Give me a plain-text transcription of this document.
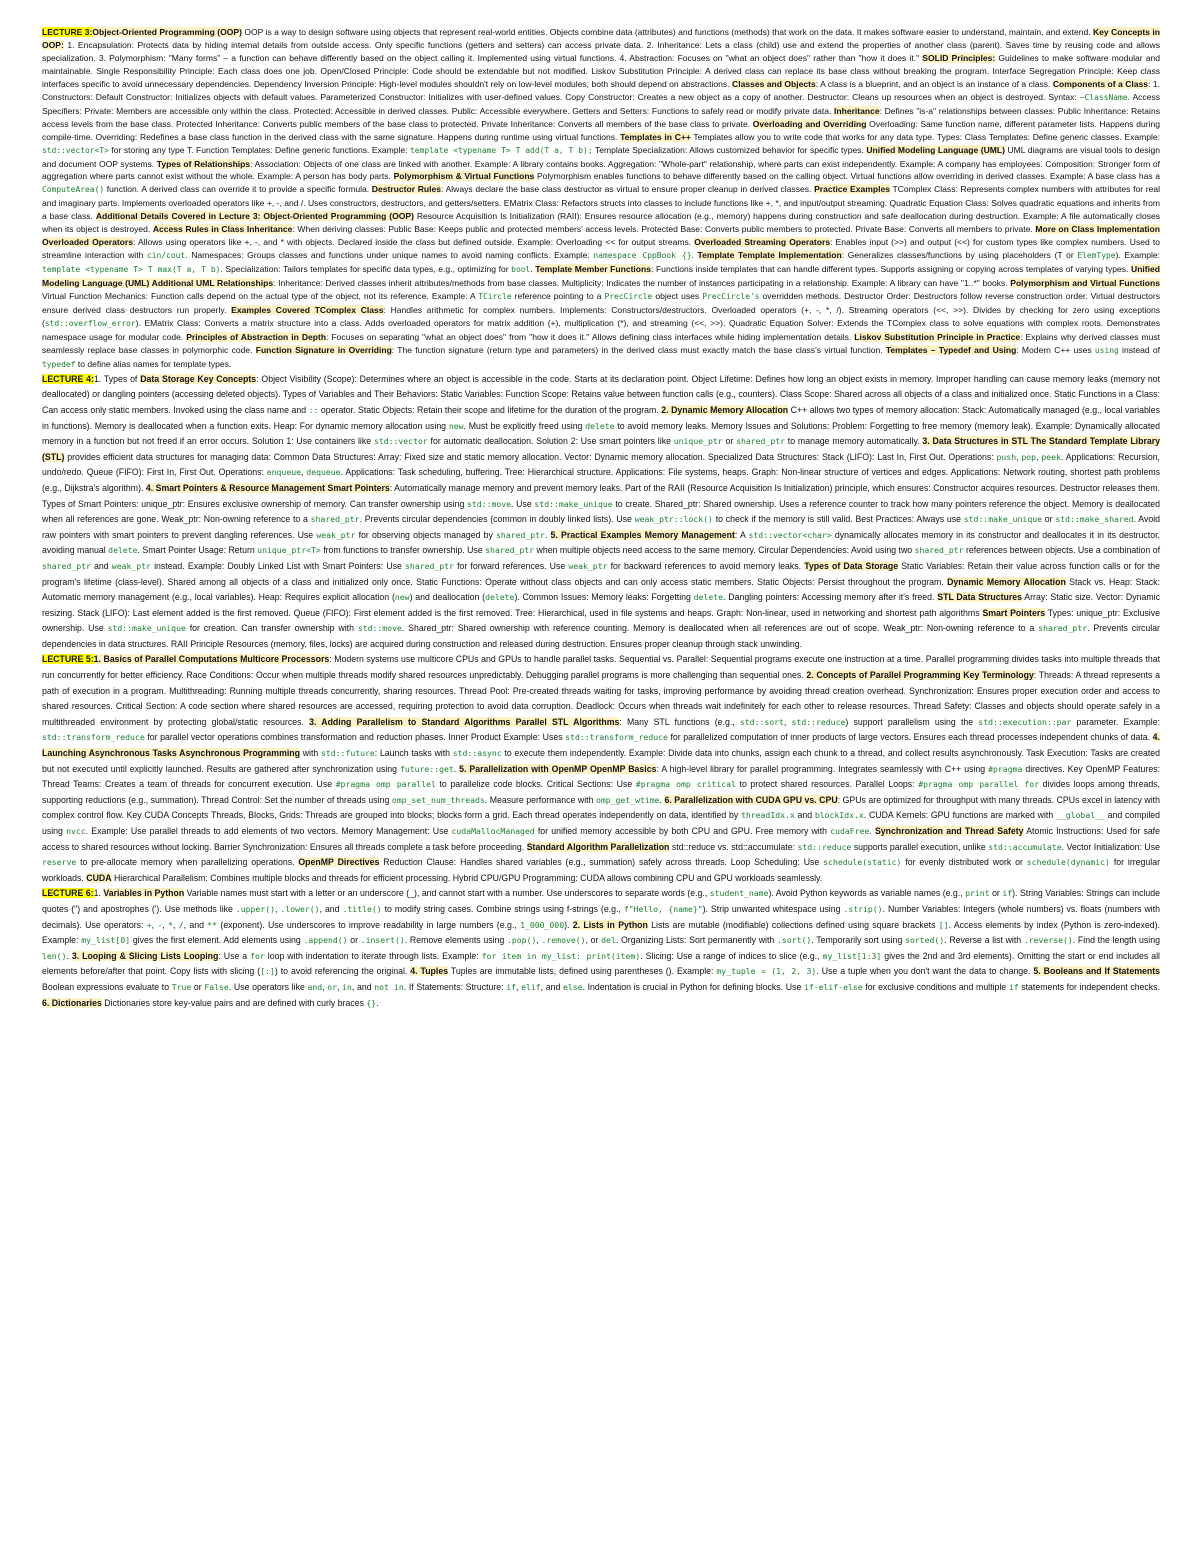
LECTURE 3:Object-Oriented Programming (OOP) OOP is a way to design software using objects that represent real-world entities. Objects combine data (attributes) and functions (methods) that work on the data. It makes software easier to understand, maintain, and extend. Key Concepts in OOP: 1. Encapsulation: Protects data by hiding internal details from outside access. Only specific functions (getters and setters) can access private data. 2. Inheritance: Lets a class (child) use and extend the properties of another class (parent). Saves time by reusing code and allows specialization. 3. Polymorphism: "Many forms" – a function can behave differently based on the object calling it. Implemented using virtual functions. 4. Abstraction: Focuses on "what an object does" rather than "how it does it." SOLID Principles: Guidelines to make software modular and maintainable. Single Responsibility Principle: Each class does one job. Open/Closed Principle: Code should be extendable but not modified. Liskov Substitution Principle: A derived class can replace its base class without breaking the program. Interface Segregation Principle: Keep class interfaces specific to avoid unnecessary dependencies. Dependency Inversion Principle: High-level modules shouldn't rely on low-level modules; both should depend on abstractions. Classes and Objects: A class is a blueprint, and an object is an instance of a class. Components of a Class: 1. Constructors: Default Constructor: Initializes objects with default values. Parameterized Constructor: Initializes with user-defined values. Copy Constructor: Creates a new object as a copy of another. Destructor: Cleans up resources when an object is destroyed. Syntax: ~ClassName. Access Specifiers: Private: Members are accessible only within the class. Protected: Accessible in derived classes. Public: Accessible everywhere. Getters and Setters: Functions to safely read or modify private data. Inheritance: Defines "is-a" relationships between classes: Public Inheritance: Retains access levels from the base class. Protected Inheritance: Converts public members of the base class to protected. Private Inheritance: Converts all members of the base class to private. Overloading and Overriding Overloading: Same function name, different parameter lists. Happens during compile-time. Overriding: Redefines a base class function in the derived class with the same signature. Happens during runtime using virtual functions. Templates in C++ Templates allow you to write code that works for any data type. Types: Class Templates: Define generic classes. Example: std::vector<T> for storing any type T. Function Templates: Define generic functions. Example: template <typename T> T add(T a, T b); Template Specialization: Allows customized behavior for specific types. Unified Modeling Language (UML) UML diagrams are visual tools to design and document OOP systems. Types of Relationships: Association: Objects of one class are linked with another. Example: A library contains books. Aggregation: "Whole-part" relationship, where parts can exist independently. Example: A company has employees. Composition: Stronger form of aggregation where parts cannot exist without the whole. Example: A person has body parts. Polymorphism & Virtual Functions Polymorphism enables functions to behave differently based on the calling object. Virtual functions allow overriding in derived classes. Example: A base class has a ComputeArea() function. A derived class can override it to provide a specific formula. Destructor Rules: Always declare the base class destructor as virtual to ensure proper cleanup in derived classes. Practice Examples TComplex Class: Represents complex numbers with attributes for real and imaginary parts. Implements overloaded operators like +, -, and /. Uses constructors, destructors, and getters/setters. EMatrix Class: Refactors structs into classes to include functions like +, *, and input/output streaming. Quadratic Equation Class: Solves quadratic equations and inherits from a base class. Additional Details Covered in Lecture 3: Object-Oriented Programming (OOP) Resource Acquisition Is Initialization (RAII): Ensures resource allocation (e.g., memory) happens during construction and safe deallocation during destruction. Example: A file automatically closes when its object is destroyed. Access Rules in Class Inheritance: When deriving classes: Public Base: Keeps public and protected members' access levels. Protected Base: Converts public members to protected. Private Base: Converts all members to private. More on Class Implementation Overloaded Operators: Allows using operators like +, -, and * with objects. Declared inside the class but defined outside. Example: Overloading << for output streams. Overloaded Streaming Operators: Enables input (>>) and output (<<) for custom types like complex numbers. Used to streamline interaction with cin/cout. Namespaces: Groups classes and functions under unique names to avoid naming conflicts. Example: namespace CppBook {}. Template Template Implementation: Generalizes classes/functions by using placeholders (T or ElemType). Example: template <typename T> T max(T a, T b). Specialization: Tailors templates for specific data types, e.g., optimizing for bool. Template Member Functions: Functions inside templates that can handle different types. Supports assigning or copying across templates of varying types. Unified Modeling Language (UML) Additional UML Relationships: Inheritance: Derived classes inherit attributes/methods from base classes. Multiplicity: Indicates the number of instances participating in a relationship. Example: A library can have "1..*" books. Polymorphism and Virtual Functions Virtual Function Mechanics: Function calls depend on the actual type of the object, not its reference. Example: A TCircle reference pointing to a PrecCircle object uses PrecCircle's overridden methods. Destructor Order: Destructors follow reverse construction order. Virtual destructors ensure derived class destructors run properly. Examples Covered TComplex Class: Handles arithmetic for complex numbers. Implements: Constructors/destructors. Overloaded operators (+, -, *, /). Streaming operators (<<, >>). Divides by checking for zero using exceptions (std::overflow_error). EMatrix Class: Converts a matrix structure into a class. Adds overloaded operators for matrix addition (+), multiplication (*), and streaming (<<, >>). Quadratic Equation Solver: Extends the TComplex class to solve equations with complex roots. Demonstrates namespace usage for modular code. Principles of Abstraction in Depth: Focuses on separating "what an object does" from "how it does it." Allows defining class interfaces while hiding implementation details. Liskov Substitution Principle in Practice: Explains why derived classes must seamlessly replace base classes in polymorphic code. Function Signature in Overriding: The function signature (return type and parameters) in the derived class must exactly match the base class's virtual function. Templates – Typedef and Using: Modern C++ uses using instead of typedef to define alias names for template types.
LECTURE 4:1. Types of Data Storage Key Concepts: Object Visibility (Scope): Determines where an object is accessible in the code. Starts at its declaration point. Object Lifetime: Defines how long an object exists in memory. Improper handling can cause memory leaks (memory not deallocated) or dangling pointers (accessing deleted objects). Types of Variables and Their Behaviors: Static Variables: Function Scope: Retains value between function calls (e.g., counters). Class Scope: Shared across all objects of a class and initialized once. Static Functions in a Class: Can access only static members. Invoked using the class name and :: operator. Static Objects: Retain their scope and lifetime for the duration of the program. 2. Dynamic Memory Allocation C++ allows two types of memory allocation: Stack: Automatically managed (e.g., local variables in functions). Memory is deallocated when a function exits. Heap: For dynamic memory allocation using new. Must be explicitly freed using delete to avoid memory leaks. Memory Issues and Solutions: Problem: Forgetting to free memory (memory leak). Example: Dynamically allocated memory in a function but not freed if an error occurs. Solution 1: Use containers like std::vector for automatic deallocation. Solution 2: Use smart pointers like unique_ptr or shared_ptr to manage memory automatically. 3. Data Structures in STL The Standard Template Library (STL) provides efficient data structures for managing data: Common Data Structures: Array: Fixed size and static memory allocation. Vector: Dynamic memory allocation. Specialized Data Structures: Stack (LIFO): Last In, First Out. Operations: push, pop, peek. Applications: Recursion, undo/redo. Queue (FIFO): First In, First Out. Operations: enqueue, dequeue. Applications: Task scheduling, buffering. Tree: Hierarchical structure. Applications: File systems, heaps. Graph: Non-linear structure of vertices and edges. Applications: Network routing, shortest path problems (e.g., Dijkstra's algorithm). 4. Smart Pointers & Resource Management Smart Pointers: Automatically manage memory and prevent memory leaks. Part of the RAII (Resource Acquisition Is Initialization) principle, which ensures: Constructor acquires resources. Destructor releases them. Types of Smart Pointers: unique_ptr: Ensures exclusive ownership of memory. Can transfer ownership using std::move. Use std::make_unique to create. Shared_ptr: Shared ownership. Uses a reference counter to track how many pointers reference the object. Memory is deallocated when all references are gone. Weak_ptr: Non-owning reference to a shared_ptr. Prevents circular dependencies (common in doubly linked lists). Use weak_ptr::lock() to check if the memory is still valid. Best Practices: Always use std::make_unique or std::make_shared. Avoid raw pointers with smart pointers to prevent dangling references. Use weak_ptr for observing objects managed by shared_ptr. 5. Practical Examples Memory Management: A std::vector<char> dynamically allocates memory in its constructor and deallocates it in its destructor, avoiding manual delete. Smart Pointer Usage: Return unique_ptr<T> from functions to transfer ownership. Use shared_ptr when multiple objects need access to the same memory. Circular Dependencies: Avoid using two shared_ptr references between objects. Use a combination of shared_ptr and weak_ptr instead. Example: Doubly Linked List with Smart Pointers: Use shared_ptr for forward references. Use weak_ptr for backward references to avoid memory leaks. Types of Data Storage Static Variables: Retain their value across function calls or for the program's lifetime (class-level). Shared among all objects of a class and initialized only once. Static Functions: Operate without class objects and can only access static members. Static Objects: Persist throughout the program. Dynamic Memory Allocation Stack vs. Heap: Stack: Automatic memory management (e.g., local variables). Heap: Requires explicit allocation (new) and deallocation (delete). Common Issues: Memory leaks: Forgetting delete. Dangling pointers: Accessing memory after it's freed. STL Data Structures Array: Static size. Vector: Dynamic resizing. Stack (LIFO): Last element added is the first removed. Queue (FIFO): First element added is the first removed. Tree: Hierarchical, used in file systems and heaps. Graph: Non-linear, used in networking and shortest path algorithms Smart Pointers Types: unique_ptr: Exclusive ownership. Use std::make_unique for creation. Can transfer ownership with std::move. Shared_ptr: Shared ownership with reference counting. Memory is deallocated when all references are out of scope. Weak_ptr: Non-owning reference to a shared_ptr. Prevents circular dependencies in data structures. RAII Principle Resources (memory, files, locks) are acquired during construction and released during destruction. Ensures proper cleanup through stack unwinding.
LECTURE 5:1. Basics of Parallel Computations Multicore Processors: Modern systems use multicore CPUs and GPUs to handle parallel tasks. Sequential vs. Parallel: Sequential programs execute one instruction at a time. Parallel programming divides tasks into multiple threads that run concurrently for better efficiency. Race Conditions: Occur when multiple threads modify shared resources unpredictably. Debugging parallel programs is more challenging than sequential ones. 2. Concepts of Parallel Programming Key Terminology: Threads: A thread represents a path of execution in a program. Multithreading: Running multiple threads concurrently, sharing resources. Thread Pool: Pre-created threads waiting for tasks, improving performance by avoiding thread creation overhead. Synchronization: Ensures proper execution order and access to shared resources. Critical Section: A code section where shared resources are accessed, requiring protection to avoid data corruption. Deadlock: Occurs when threads wait indefinitely for each other to release resources. Thread Safety: Classes and objects should operate safely in a multithreaded environment by protecting global/static resources. 3. Adding Parallelism to Standard Algorithms Parallel STL Algorithms: Many STL functions (e.g., std::sort, std::reduce) support parallelism using the std::execution::par parameter. Example: std::transform_reduce for parallel vector operations combines transformation and reduction phases. Inner Product Example: Uses std::transform_reduce for parallelized computation of inner products of large vectors. Ensures each thread processes independent chunks of data. 4. Launching Asynchronous Tasks Asynchronous Programming with std::future: Launch tasks with std::async to execute them independently. Example: Divide data into chunks, assign each chunk to a thread, and collect results asynchronously. Task Execution: Tasks are created but not executed until explicitly launched. Results are gathered after synchronization using future::get. 5. Parallelization with OpenMP OpenMP Basics: A high-level library for parallel programming. Integrates seamlessly with C++ using #pragma directives. Key OpenMP Features: Thread Teams: Creates a team of threads for concurrent execution. Use #pragma omp parallel to parallelize code blocks. Critical Sections: Use #pragma omp critical to protect shared resources. Parallel Loops: #pragma omp parallel for divides loops among threads, supporting reductions (e.g., summation). Thread Control: Set the number of threads using omp_set_num_threads. Measure performance with omp_get_wtime. 6. Parallelization with CUDA GPU vs. CPU: GPUs are optimized for throughput with many threads. CPUs excel in latency with complex control flow. Key CUDA Concepts Threads, Blocks, Grids: Threads are grouped into blocks; blocks form a grid. Each thread operates independently on data, identified by threadIdx.x and blockIdx.x. CUDA Kernels: GPU functions are marked with __global__ and compiled using nvcc. Example: Use parallel threads to add elements of two vectors. Memory Management: Use cudaMallocManaged for unified memory accessible by both CPU and GPU. Free memory with cudaFree. Synchronization and Thread Safety Atomic Instructions: Used for safe access to shared resources without locking. Barrier Synchronization: Ensures all threads complete a task before proceeding. Standard Algorithm Parallelization std::reduce vs. std::accumulate: std::reduce supports parallel execution, unlike std::accumulate. Vector Initialization: Use reserve to pre-allocate memory when parallelizing operations. OpenMP Directives Reduction Clause: Handles shared variables (e.g., summation) safely across threads. Loop Scheduling: Use schedule(static) for evenly distributed work or schedule(dynamic) for irregular workloads. CUDA Hierarchical Parallelism: Combines multiple blocks and threads for efficient processing. Hybrid CPU/GPU Programming: CUDA allows combining CPU and GPU workloads seamlessly.
LECTURE 6:1. Variables in Python Variable names must start with a letter or an underscore (_), and cannot start with a number. Use underscores to separate words (e.g., student_name). Avoid Python keywords as variable names (e.g., print or if). String Variables: Strings can include quotes (") and apostrophes ('). Use methods like .upper(), .lower(), and .title() to modify string cases. Combine strings using f-strings (e.g., f"Hello, {name}"). Strip unwanted whitespace using .strip(). Number Variables: Integers (whole numbers) vs. floats (numbers with decimals). Use operators: +, -, *, /, and ** (exponent). Use underscores to improve readability in large numbers (e.g., 1_000_000). 2. Lists in Python Lists are mutable (modifiable) collections defined using square brackets []. Access elements by index (Python is zero-indexed). Example: my_list[0] gives the first element. Add elements using .append() or .insert(). Remove elements using .pop(), .remove(), or del. Organizing Lists: Sort permanently with .sort(). Temporarily sort using sorted(). Reverse a list with .reverse(). Find the length using len(). 3. Looping & Slicing Lists Looping: Use a for loop with indentation to iterate through lists. Example: for item in my_list: print(item). Slicing: Use a range of indices to slice (e.g., my_list[1:3] gives the 2nd and 3rd elements). Omitting the start or end includes all elements before/after that point. Copy lists with slicing ([:]) to avoid referencing the original. 4. Tuples Tuples are immutable lists, defined using parentheses (). Example: my_tuple = (1, 2, 3). Use a tuple when you don't want the data to change. 5. Booleans and If Statements Boolean expressions evaluate to True or False. Use operators like and, or, in, and not in. If Statements: Structure: if, elif, and else. Indentation is crucial in Python for defining blocks. Use if-elif-else for exclusive conditions and multiple if statements for independent checks. 6. Dictionaries Dictionaries store key-value pairs and are defined with curly braces {}.
